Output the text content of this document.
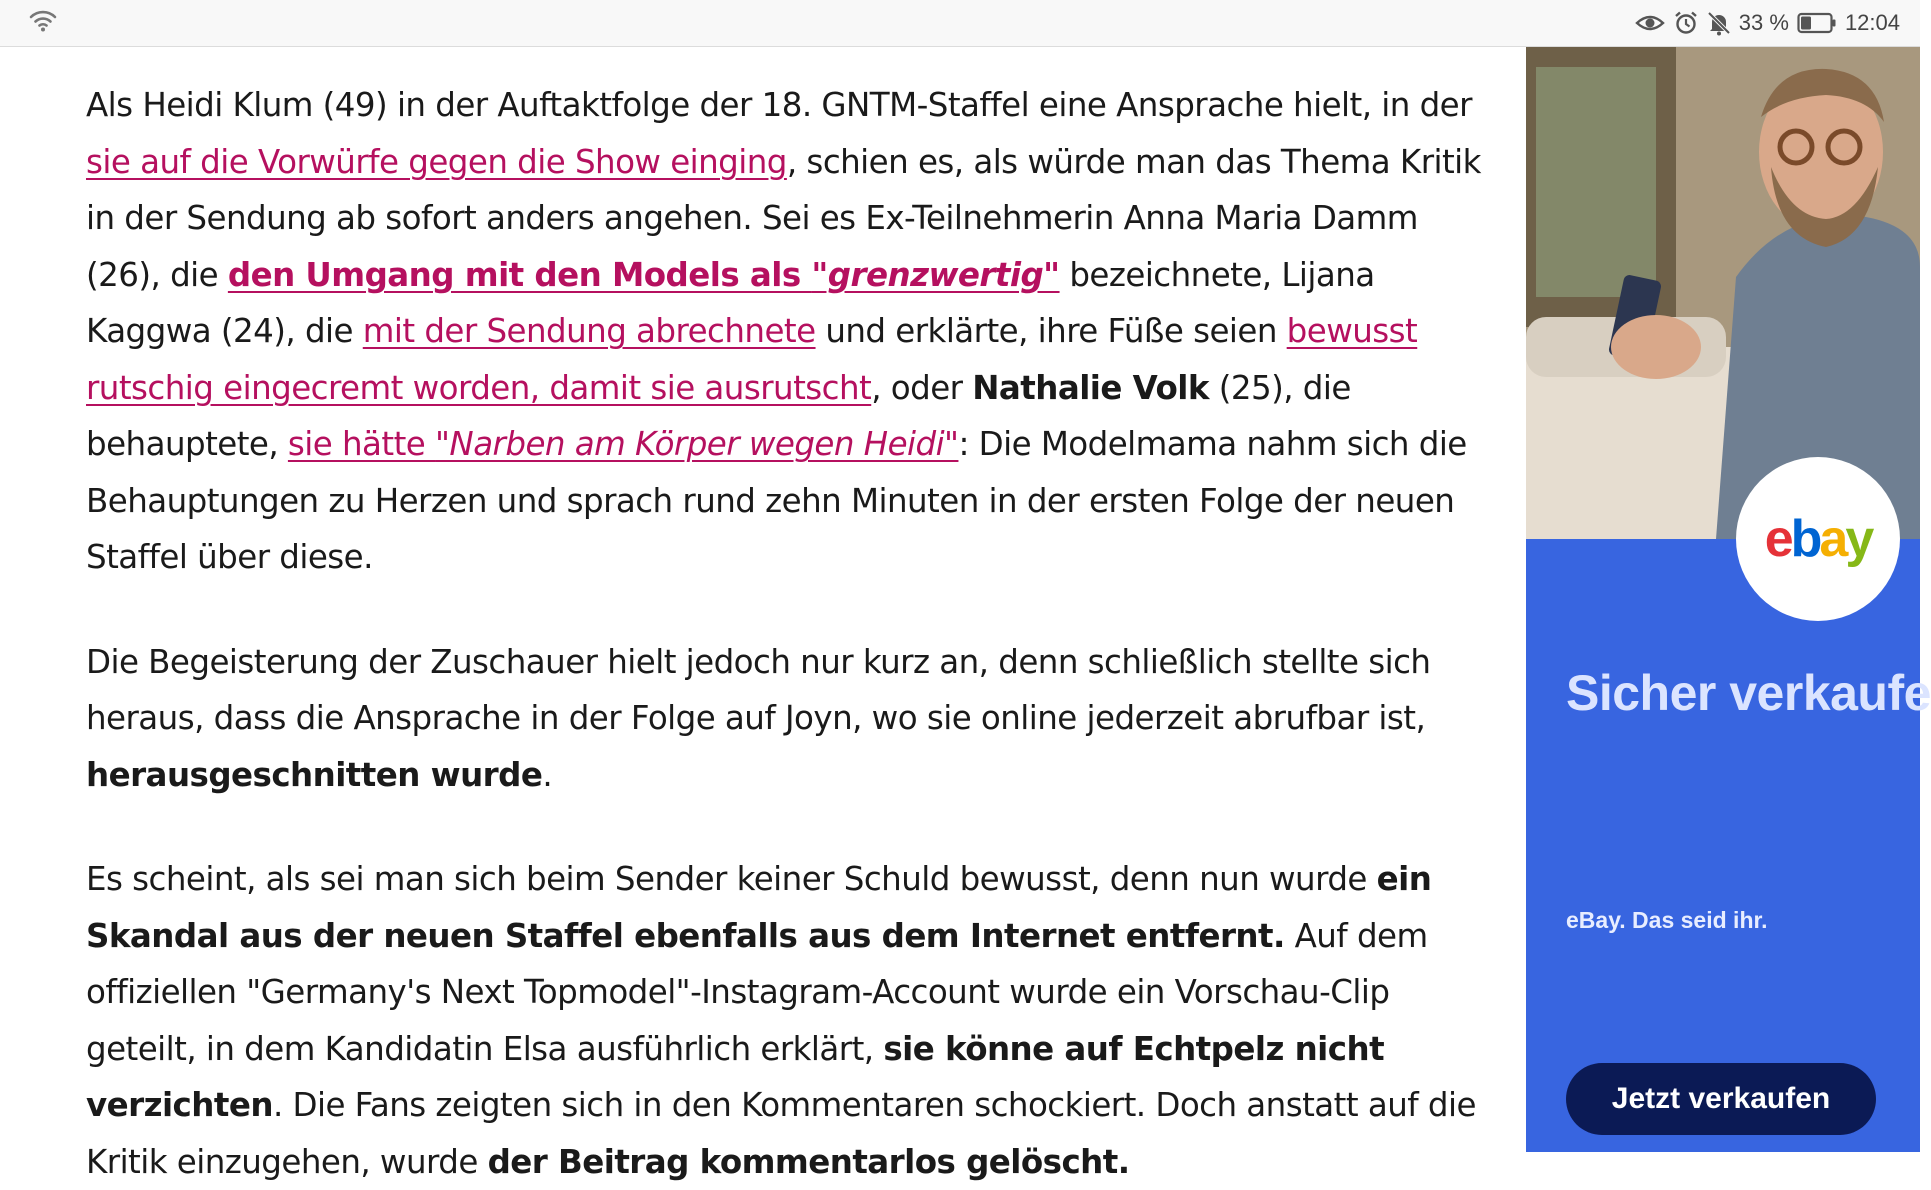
33 %	12:04

Als Heidi Klum (49) in der Auftaktfolge der 18. GNTM-Staffel eine Ansprache hielt, in der sie auf die Vorwürfe gegen die Show einging, schien es, als würde man das Thema Kritik in der Sendung ab sofort anders angehen. Sei es Ex-Teilnehmerin Anna Maria Damm (26), die den Umgang mit den Models als "grenzwertig" bezeichnete, Lijana Kaggwa (24), die mit der Sendung abrechnete und erklärte, ihre Füße seien bewusst rutschig eingecremt worden, damit sie ausrutscht, oder Nathalie Volk (25), die behauptete, sie hätte "Narben am Körper wegen Heidi": Die Modelmama nahm sich die Behauptungen zu Herzen und sprach rund zehn Minuten in der ersten Folge der neuen Staffel über diese.

Die Begeisterung der Zuschauer hielt jedoch nur kurz an, denn schließlich stellte sich heraus, dass die Ansprache in der Folge auf Joyn, wo sie online jederzeit abrufbar ist, herausgeschnitten wurde.

Es scheint, als sei man sich beim Sender keiner Schuld bewusst, denn nun wurde ein Skandal aus der neuen Staffel ebenfalls aus dem Internet entfernt. Auf dem offiziellen "Germany's Next Topmodel"-Instagram-Account wurde ein Vorschau-Clip geteilt, in dem Kandidatin Elsa ausführlich erklärt, sie könne auf Echtpelz nicht verzichten. Die Fans zeigten sich in den Kommentaren schockiert. Doch anstatt auf die Kritik einzugehen, wurde der Beitrag kommentarlos gelöscht.

ebay
Sicher verkaufe
eBay. Das seid ihr.
Jetzt verkaufen
